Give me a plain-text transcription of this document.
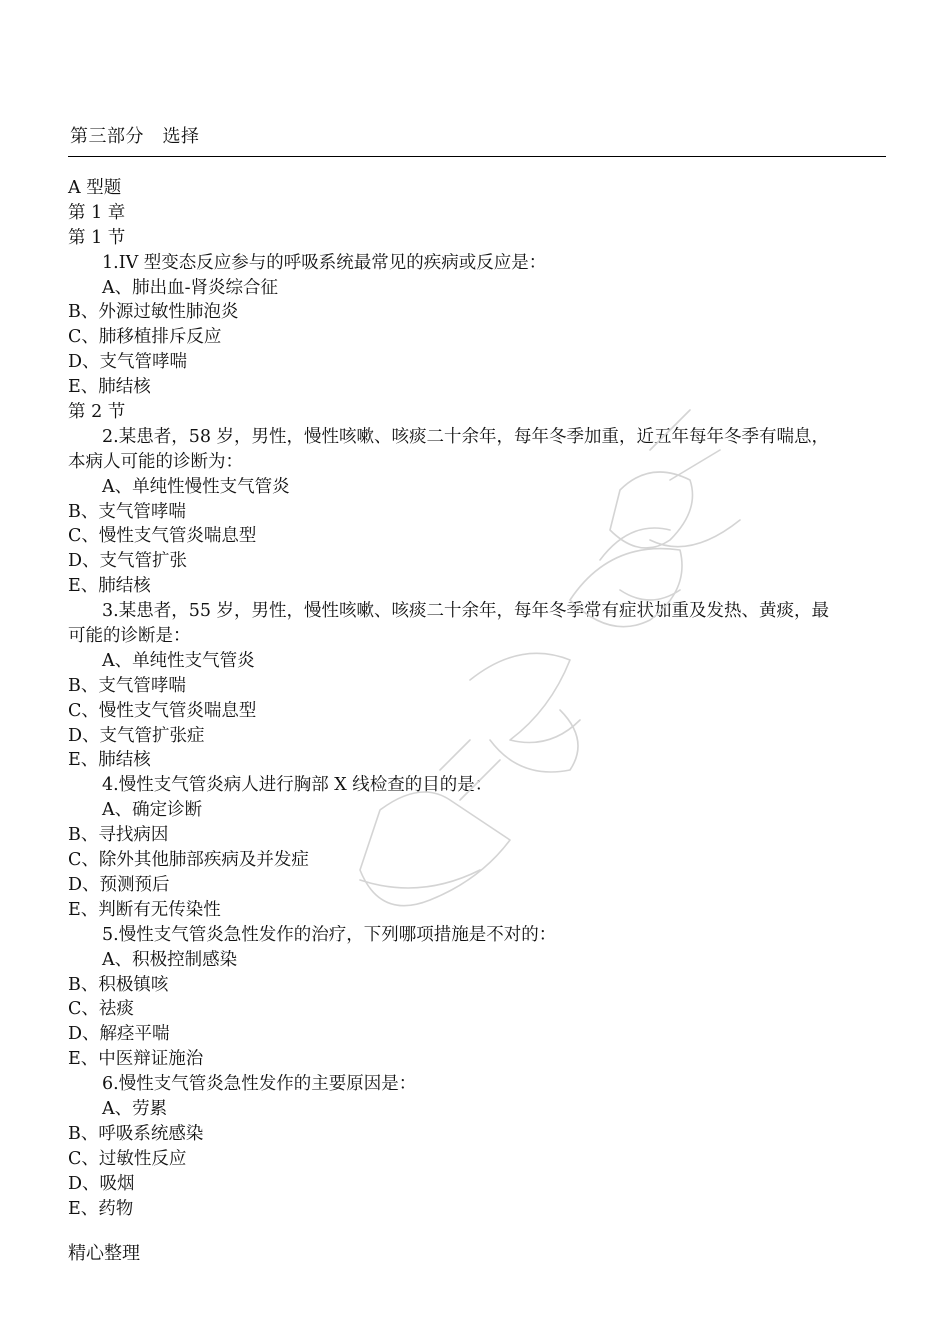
第三部分　选择
A 型题
第 1 章
第 1 节
1.IV 型变态反应参与的呼吸系统最常见的疾病或反应是：
A、肺出血-肾炎综合征
B、外源过敏性肺泡炎
C、肺移植排斥反应
D、支气管哮喘
E、肺结核
第 2 节
2.某患者，58 岁，男性，慢性咳嗽、咳痰二十余年，每年冬季加重，近五年每年冬季有喘息，
本病人可能的诊断为：
A、单纯性慢性支气管炎
B、支气管哮喘
C、慢性支气管炎喘息型
D、支气管扩张
E、肺结核
3.某患者，55 岁，男性，慢性咳嗽、咳痰二十余年，每年冬季常有症状加重及发热、黄痰，最
可能的诊断是：
A、单纯性支气管炎
B、支气管哮喘
C、慢性支气管炎喘息型
D、支气管扩张症
E、肺结核
4.慢性支气管炎病人进行胸部 X 线检查的目的是：
A、确定诊断
B、寻找病因
C、除外其他肺部疾病及并发症
D、预测预后
E、判断有无传染性
5.慢性支气管炎急性发作的治疗，下列哪项措施是不对的：
A、积极控制感染
B、积极镇咳
C、祛痰
D、解痉平喘
E、中医辩证施治
6.慢性支气管炎急性发作的主要原因是：
A、劳累
B、呼吸系统感染
C、过敏性反应
D、吸烟
E、药物
精心整理
